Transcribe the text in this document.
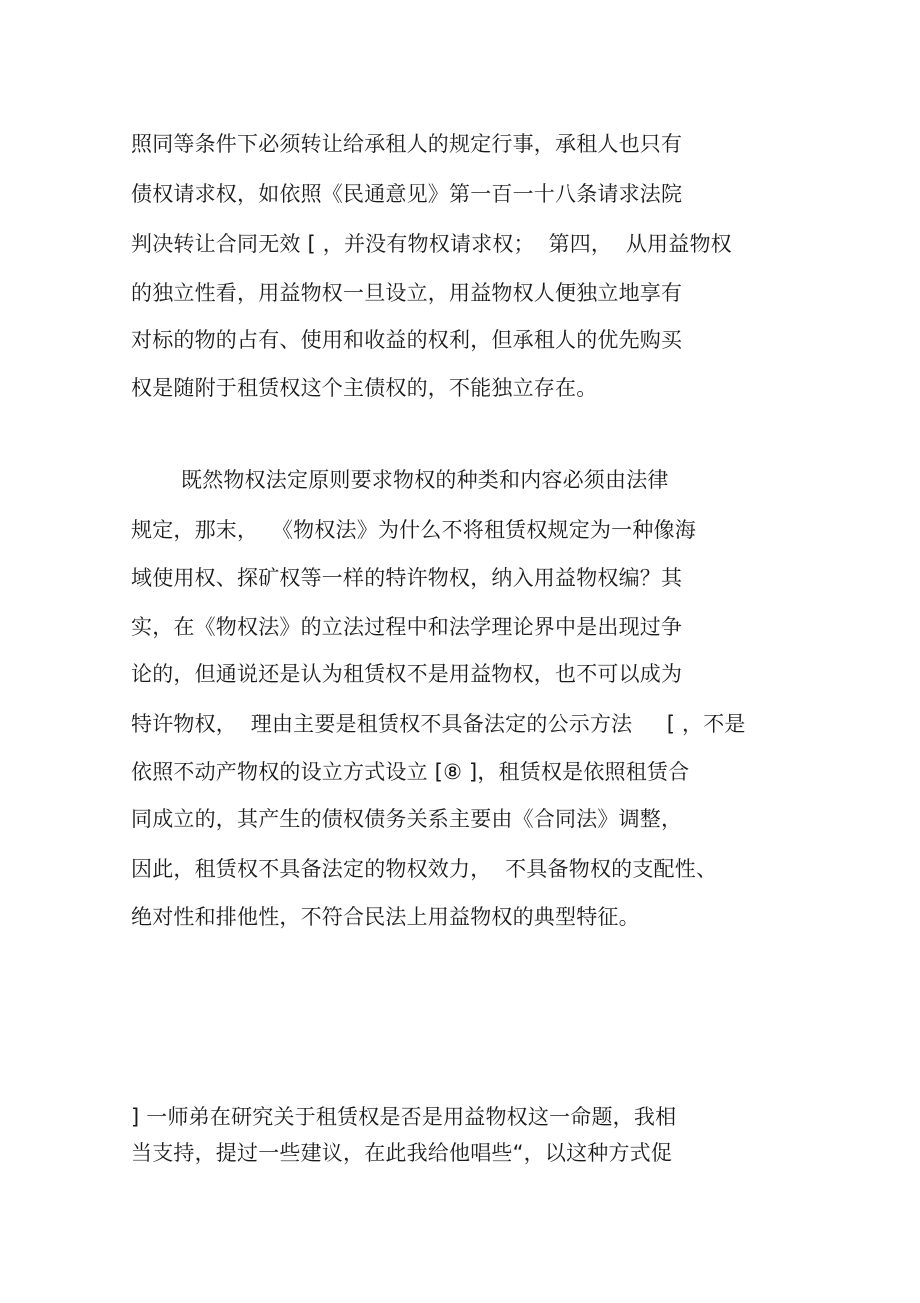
照同等条件下必须转让给承租人的规定行事，承租人也只有
债权请求权，如依照《民通意见》第一百一十八条请求法院
判决转让合同无效 [ ，并没有物权请求权；  第四，  从用益物权
的独立性看，用益物权一旦设立，用益物权人便独立地享有
对标的物的占有、使用和收益的权利，但承租人的优先购买
权是随附于租赁权这个主债权的，不能独立存在。
既然物权法定原则要求物权的种类和内容必须由法律
规定，那末，  《物权法》为什么不将租赁权规定为一种像海
域使用权、探矿权等一样的特许物权，纳入用益物权编？其
实，在《物权法》的立法过程中和法学理论界中是出现过争
论的，但通说还是认为租赁权不是用益物权，也不可以成为
特许物权，  理由主要是租赁权不具备法定的公示方法     [ ，不是
依照不动产物权的设立方式设立 [⑧ ]，租赁权是依照租赁合
同成立的，其产生的债权债务关系主要由《合同法》调整，
因此，租赁权不具备法定的物权效力，  不具备物权的支配性、
绝对性和排他性，不符合民法上用益物权的典型特征。
] 一师弟在研究关于租赁权是否是用益物权这一命题，我相
当支持，提过一些建议，在此我给他唱些“，以这种方式促
